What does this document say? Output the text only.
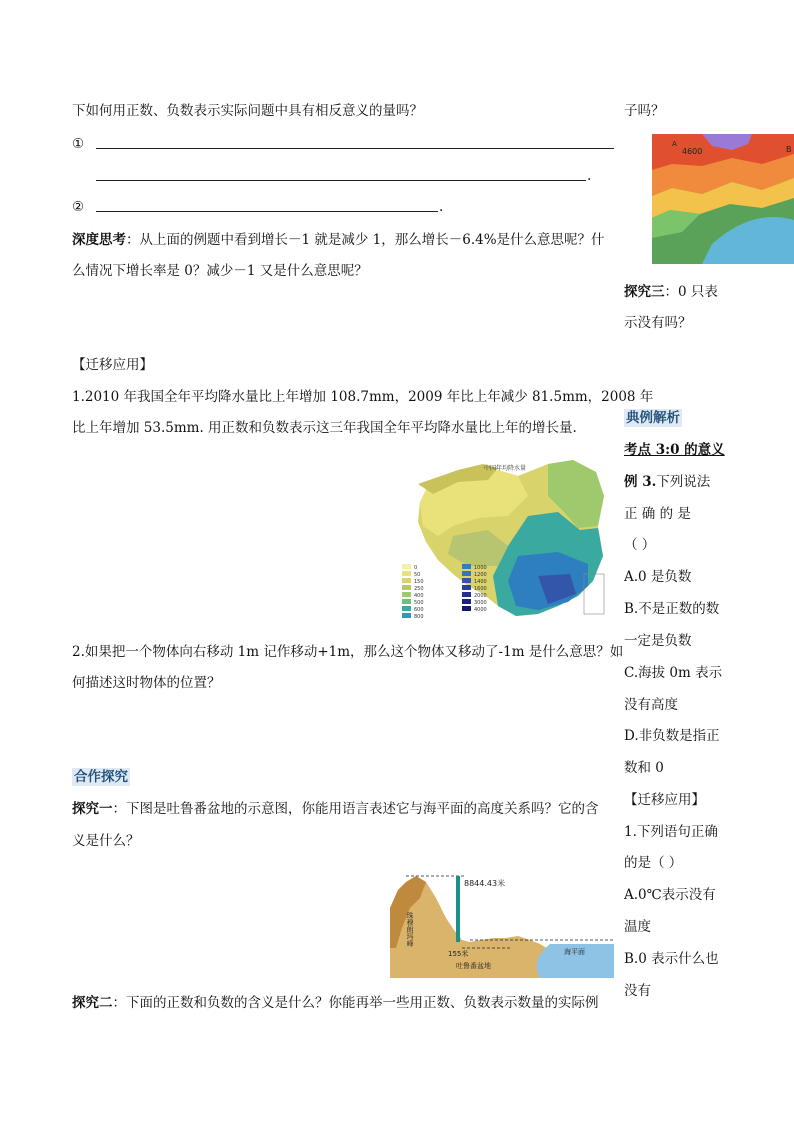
下如何用正数、负数表示实际问题中具有相反意义的量吗？
①
.
②	.
深度思考：从上面的例题中看到增长－1 就是减少 1，那么增长－6.4%是什么意思呢？什
么情况下增长率是 0？减少－1 又是什么意思呢？
【迁移应用】
1.2010 年我国全年平均降水量比上年增加 108.7mm，2009 年比上年减少 81.5mm，2008 年
比上年增加 53.5mm. 用正数和负数表示这三年我国全年平均降水量比上年的增长量.
中国年均降水量
0
50
150
250
400
500
600
800
1000
1200
1400
1600
2000
3000
4000
2.如果把一个物体向右移动 1m 记作移动+1m，那么这个物体又移动了-1m 是什么意思？如
何描述这时物体的位置？
合作探究
探究一：下图是吐鲁番盆地的示意图，你能用语言表述它与海平面的高度关系吗？它的含
义是什么？
珠穆朗玛峰
8844.43米
155米
吐鲁番盆地
海平面
探究二：下面的正数和负数的含义是什么？你能再举一些用正数、负数表示数量的实际例
子吗？
A
4600	B
探究三：0 只表
示没有吗？
典例解析
考点 3:0 的意义
例 3.下列说法
正 确 的 是
（ ）
A.0 是负数
B.不是正数的数
一定是负数
C.海拔 0m 表示
没有高度
D.非负数是指正
数和 0
【迁移应用】
1.下列语句正确
的是（ ）
A.0℃表示没有
温度
B.0 表示什么也
没有
